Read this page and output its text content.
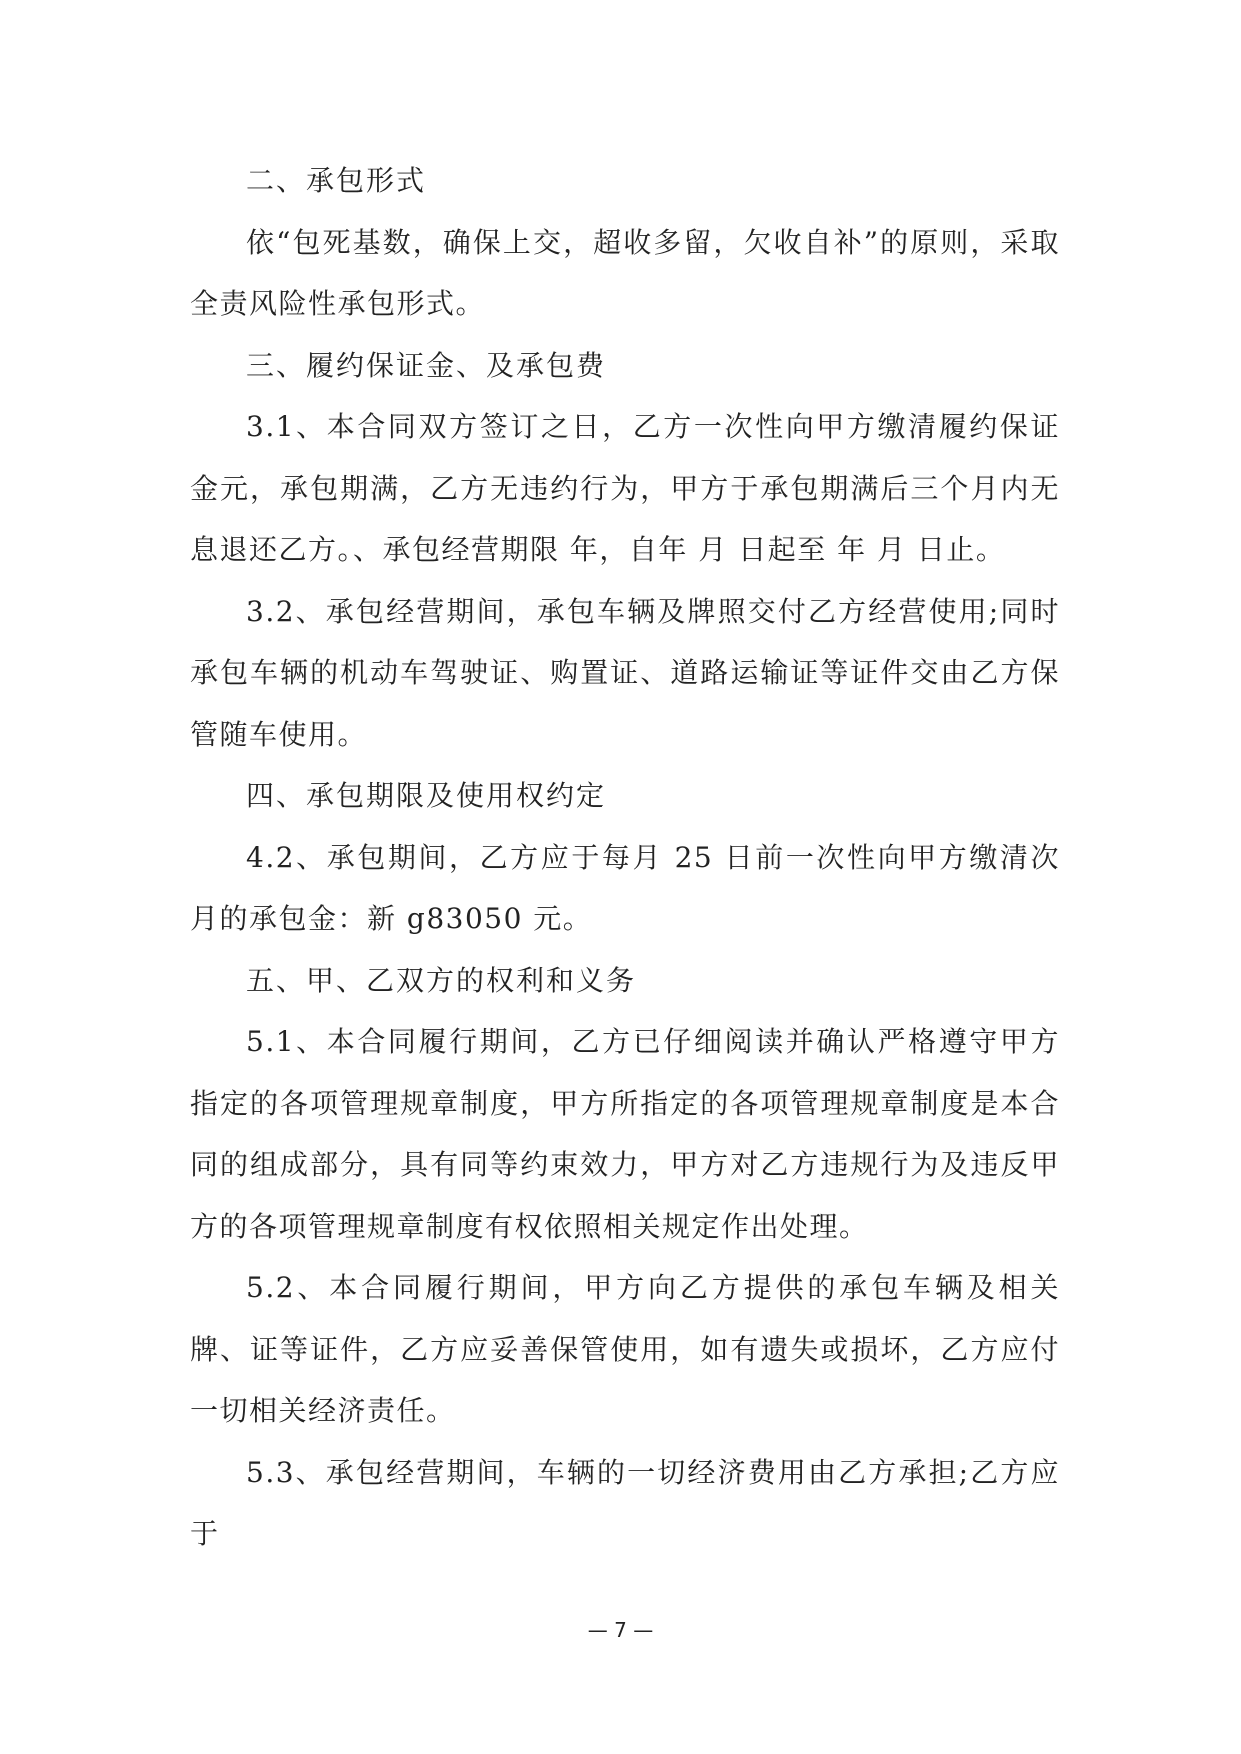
二、承包形式

依“包死基数，确保上交，超收多留，欠收自补”的原则，采取全责风险性承包形式。

三、履约保证金、及承包费

3.1、本合同双方签订之日，乙方一次性向甲方缴清履约保证金元，承包期满，乙方无违约行为，甲方于承包期满后三个月内无息退还乙方。、承包经营期限 年，自年 月 日起至 年 月 日止。

3.2、承包经营期间，承包车辆及牌照交付乙方经营使用;同时承包车辆的机动车驾驶证、购置证、道路运输证等证件交由乙方保管随车使用。

四、承包期限及使用权约定

4.2、承包期间，乙方应于每月 25 日前一次性向甲方缴清次月的承包金：新 g83050 元。

五、甲、乙双方的权利和义务

5.1、本合同履行期间，乙方已仔细阅读并确认严格遵守甲方指定的各项管理规章制度，甲方所指定的各项管理规章制度是本合同的组成部分，具有同等约束效力，甲方对乙方违规行为及违反甲方的各项管理规章制度有权依照相关规定作出处理。

5.2、本合同履行期间，甲方向乙方提供的承包车辆及相关牌、证等证件，乙方应妥善保管使用，如有遗失或损坏，乙方应付一切相关经济责任。

5.3、承包经营期间，车辆的一切经济费用由乙方承担;乙方应于

— 7 —
